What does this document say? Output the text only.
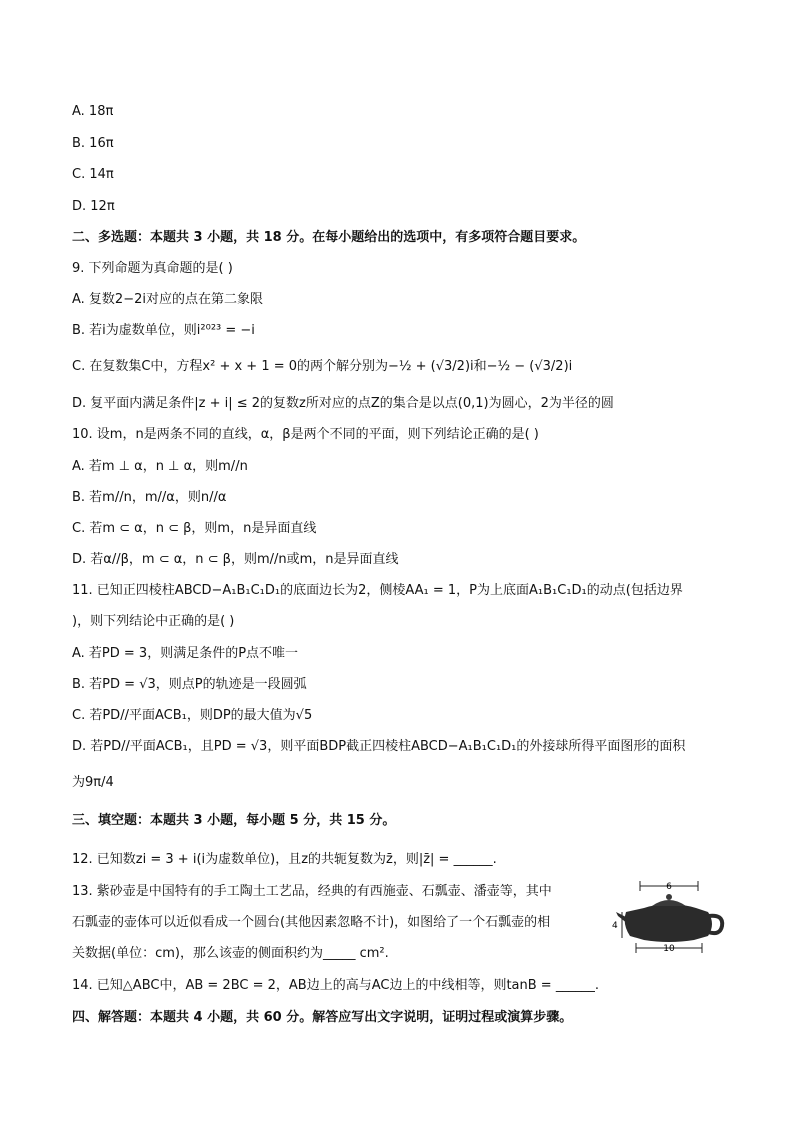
A. 18π
B. 16π
C. 14π
D. 12π
二、多选题：本题共 3 小题，共 18 分。在每小题给出的选项中，有多项符合题目要求。
9. 下列命题为真命题的是( )
A. 复数2−2i对应的点在第二象限
B. 若i为虚数单位，则i²⁰²³ = −i
C. 在复数集C中，方程x² + x + 1 = 0的两个解分别为−½ + (√3/2)i和−½ − (√3/2)i
D. 复平面内满足条件|z + i| ≤ 2的复数z所对应的点Z的集合是以点(0,1)为圆心，2为半径的圆
10. 设m，n是两条不同的直线，α，β是两个不同的平面，则下列结论正确的是( )
A. 若m ⊥ α，n ⊥ α，则m//n
B. 若m//n，m//α，则n//α
C. 若m ⊂ α，n ⊂ β，则m，n是异面直线
D. 若α//β，m ⊂ α，n ⊂ β，则m//n或m，n是异面直线
11. 已知正四棱柱ABCD−A₁B₁C₁D₁的底面边长为2，侧棱AA₁ = 1，P为上底面A₁B₁C₁D₁的动点(包括边界
)，则下列结论中正确的是( )
A. 若PD = 3，则满足条件的P点不唯一
B. 若PD = √3，则点P的轨迹是一段圆弧
C. 若PD//平面ACB₁，则DP的最大值为√5
D. 若PD//平面ACB₁，且PD = √3，则平面BDP截正四棱柱ABCD−A₁B₁C₁D₁的外接球所得平面图形的面积
为9π/4
三、填空题：本题共 3 小题，每小题 5 分，共 15 分。
12. 已知数zi = 3 + i(i为虚数单位)，且z的共轭复数为z̄，则|z̄| = ______.
13. 紫砂壶是中国特有的手工陶土工艺品，经典的有西施壶、石瓢壶、潘壶等，其中
石瓢壶的壶体可以近似看成一个圆台(其他因素忽略不计)，如图给了一个石瓢壶的相
关数据(单位：cm)，那么该壶的侧面积约为_____ cm².
14. 已知△ABC中，AB = 2BC = 2，AB边上的高与AC边上的中线相等，则tanB = ______.
四、解答题：本题共 4 小题，共 60 分。解答应写出文字说明，证明过程或演算步骤。
6
4
10
